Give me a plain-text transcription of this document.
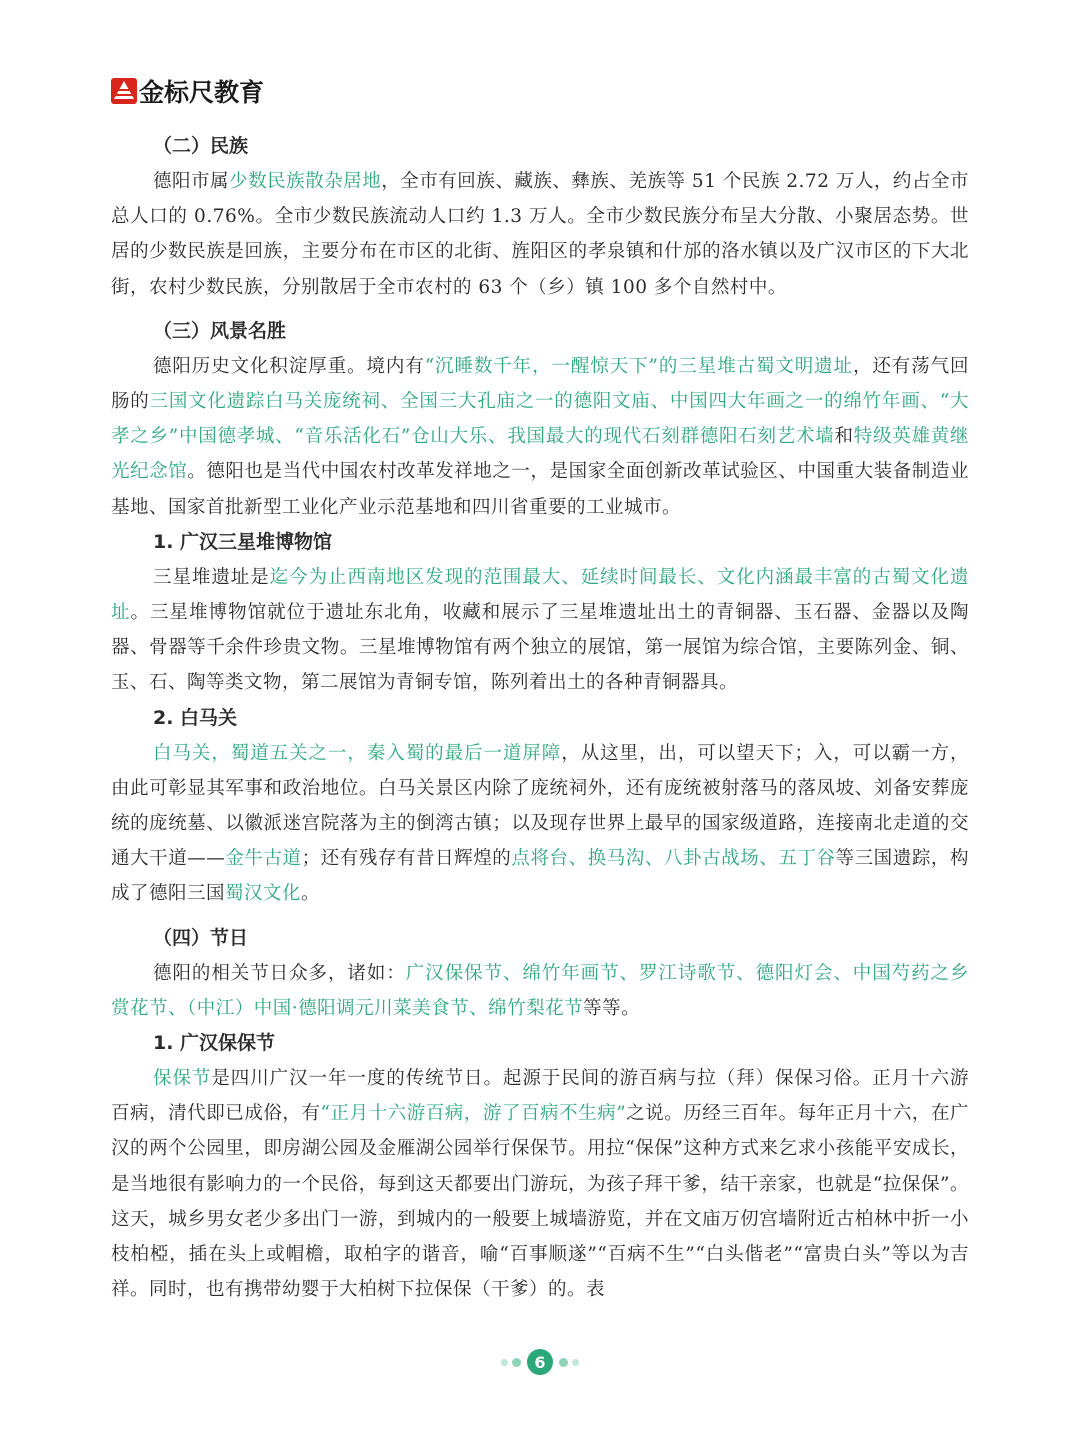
金标尺教育
（二）民族

德阳市属少数民族散杂居地，全市有回族、藏族、彝族、羌族等 51 个民族 2.72 万人，约占全市总人口的 0.76%。全市少数民族流动人口约 1.3 万人。全市少数民族分布呈大分散、小聚居态势。世居的少数民族是回族，主要分布在市区的北街、旌阳区的孝泉镇和什邡的洛水镇以及广汉市区的下大北街，农村少数民族，分别散居于全市农村的 63 个（乡）镇 100 多个自然村中。

（三）风景名胜

德阳历史文化积淀厚重。境内有“沉睡数千年，一醒惊天下”的三星堆古蜀文明遗址，还有荡气回肠的三国文化遗踪白马关庞统祠、全国三大孔庙之一的德阳文庙、中国四大年画之一的绵竹年画、“大孝之乡”中国德孝城、“音乐活化石”仓山大乐、我国最大的现代石刻群德阳石刻艺术墙和特级英雄黄继光纪念馆。德阳也是当代中国农村改革发祥地之一，是国家全面创新改革试验区、中国重大装备制造业基地、国家首批新型工业化产业示范基地和四川省重要的工业城市。

1. 广汉三星堆博物馆

三星堆遗址是迄今为止西南地区发现的范围最大、延续时间最长、文化内涵最丰富的古蜀文化遗址。三星堆博物馆就位于遗址东北角，收藏和展示了三星堆遗址出土的青铜器、玉石器、金器以及陶器、骨器等千余件珍贵文物。三星堆博物馆有两个独立的展馆，第一展馆为综合馆，主要陈列金、铜、玉、石、陶等类文物，第二展馆为青铜专馆，陈列着出土的各种青铜器具。

2. 白马关

白马关，蜀道五关之一，秦入蜀的最后一道屏障，从这里，出，可以望天下；入，可以霸一方，由此可彰显其军事和政治地位。白马关景区内除了庞统祠外，还有庞统被射落马的落凤坡、刘备安葬庞统的庞统墓、以徽派迷宫院落为主的倒湾古镇；以及现存世界上最早的国家级道路，连接南北走道的交通大干道——金牛古道；还有残存有昔日辉煌的点将台、换马沟、八卦古战场、五丁谷等三国遗踪，构成了德阳三国蜀汉文化。

（四）节日

德阳的相关节日众多，诸如：广汉保保节、绵竹年画节、罗江诗歌节、德阳灯会、中国芍药之乡赏花节、（中江）中国·德阳调元川菜美食节、绵竹梨花节等等。

1. 广汉保保节

保保节是四川广汉一年一度的传统节日。起源于民间的游百病与拉（拜）保保习俗。正月十六游百病，清代即已成俗，有“正月十六游百病，游了百病不生病”之说。历经三百年。每年正月十六，在广汉的两个公园里，即房湖公园及金雁湖公园举行保保节。用拉“保保”这种方式来乞求小孩能平安成长，是当地很有影响力的一个民俗，每到这天都要出门游玩，为孩子拜干爹，结干亲家，也就是“拉保保”。这天，城乡男女老少多出门一游，到城内的一般要上城墙游览，并在文庙万仞宫墙附近古柏林中折一小枝柏椏，插在头上或帽檐，取柏字的谐音，喻“百事顺遂”“百病不生”“白头偕老”“富贵白头”等以为吉祥。同时，也有携带幼婴于大柏树下拉保保（干爹）的。表

6
